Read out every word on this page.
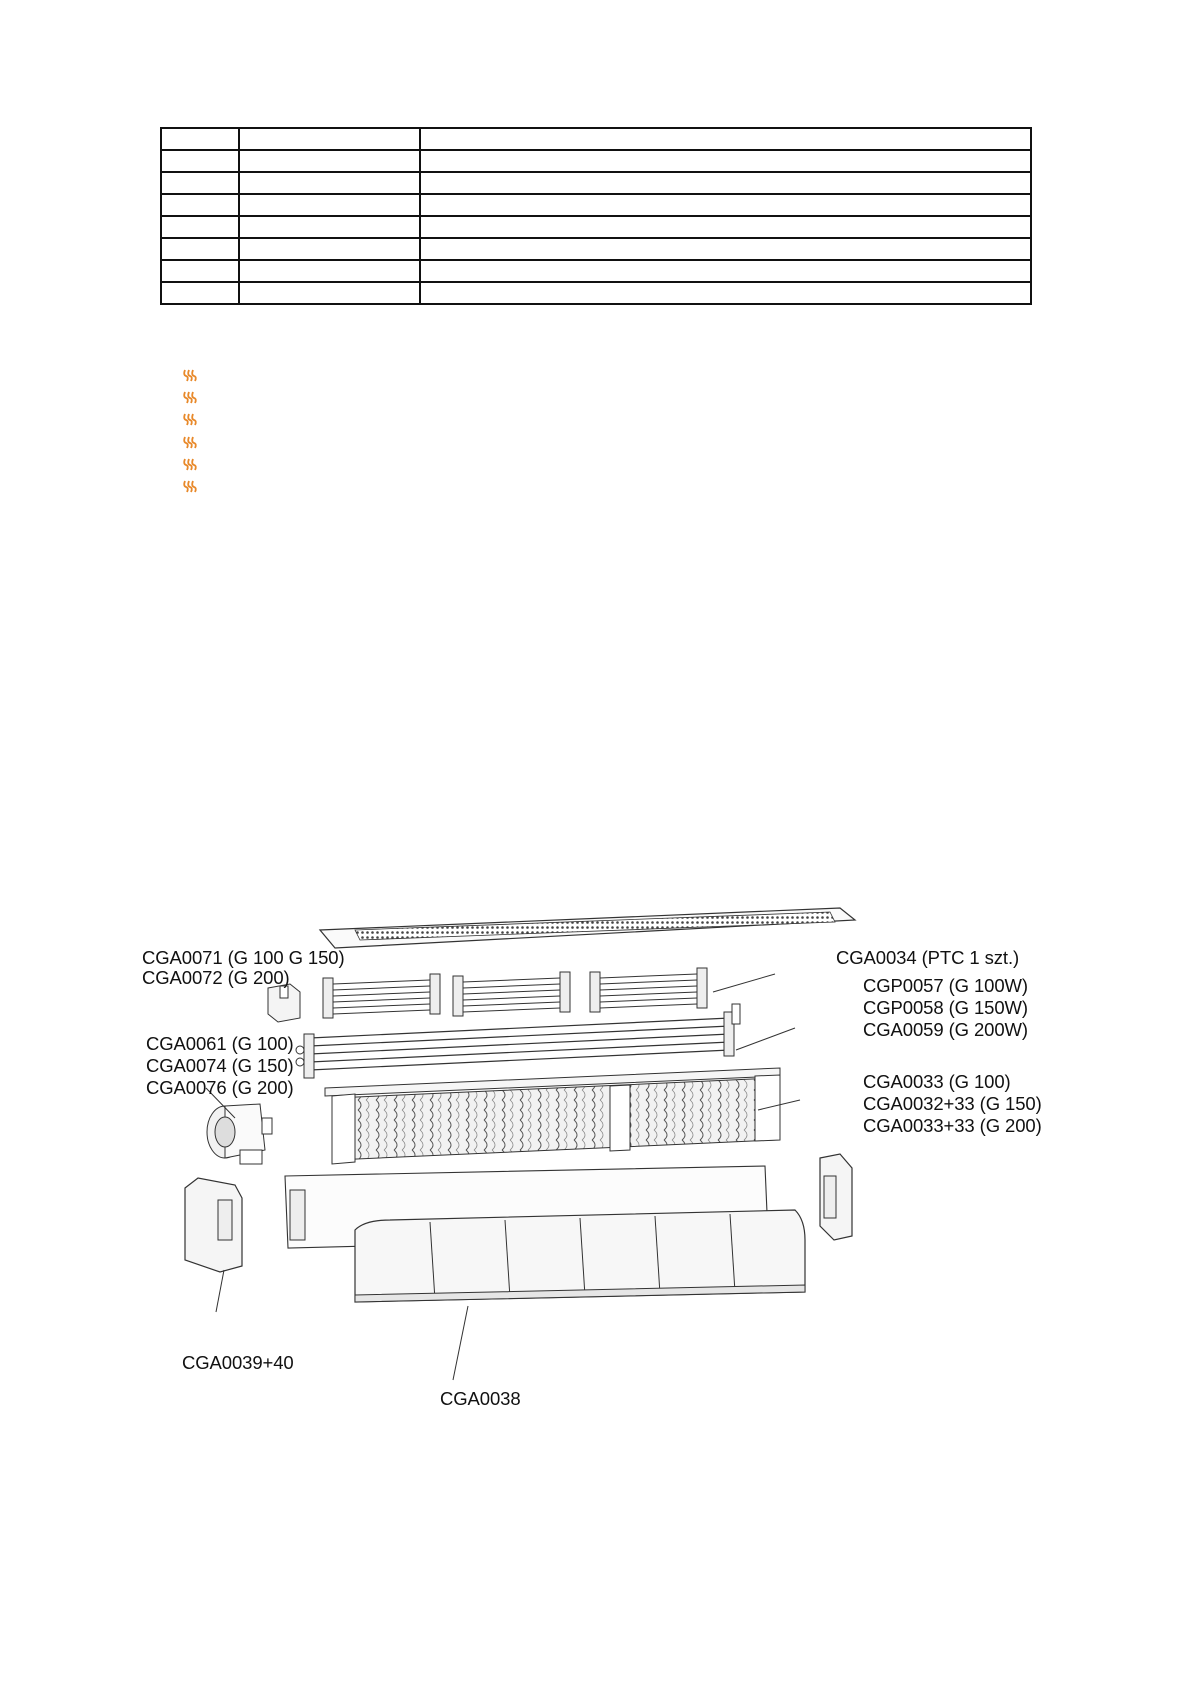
CGA0071 (G 100 G 150)
CGA0072 (G 200)
CGA0061 (G 100)
CGA0074 (G 150)
CGA0076 (G 200)
CGA0034 (PTC 1 szt.)
CGP0057 (G 100W)
CGP0058 (G 150W)
CGA0059 (G 200W)
CGA0033 (G 100)
CGA0032+33 (G 150)
CGA0033+33 (G 200)
CGA0039+40
CGA0038
